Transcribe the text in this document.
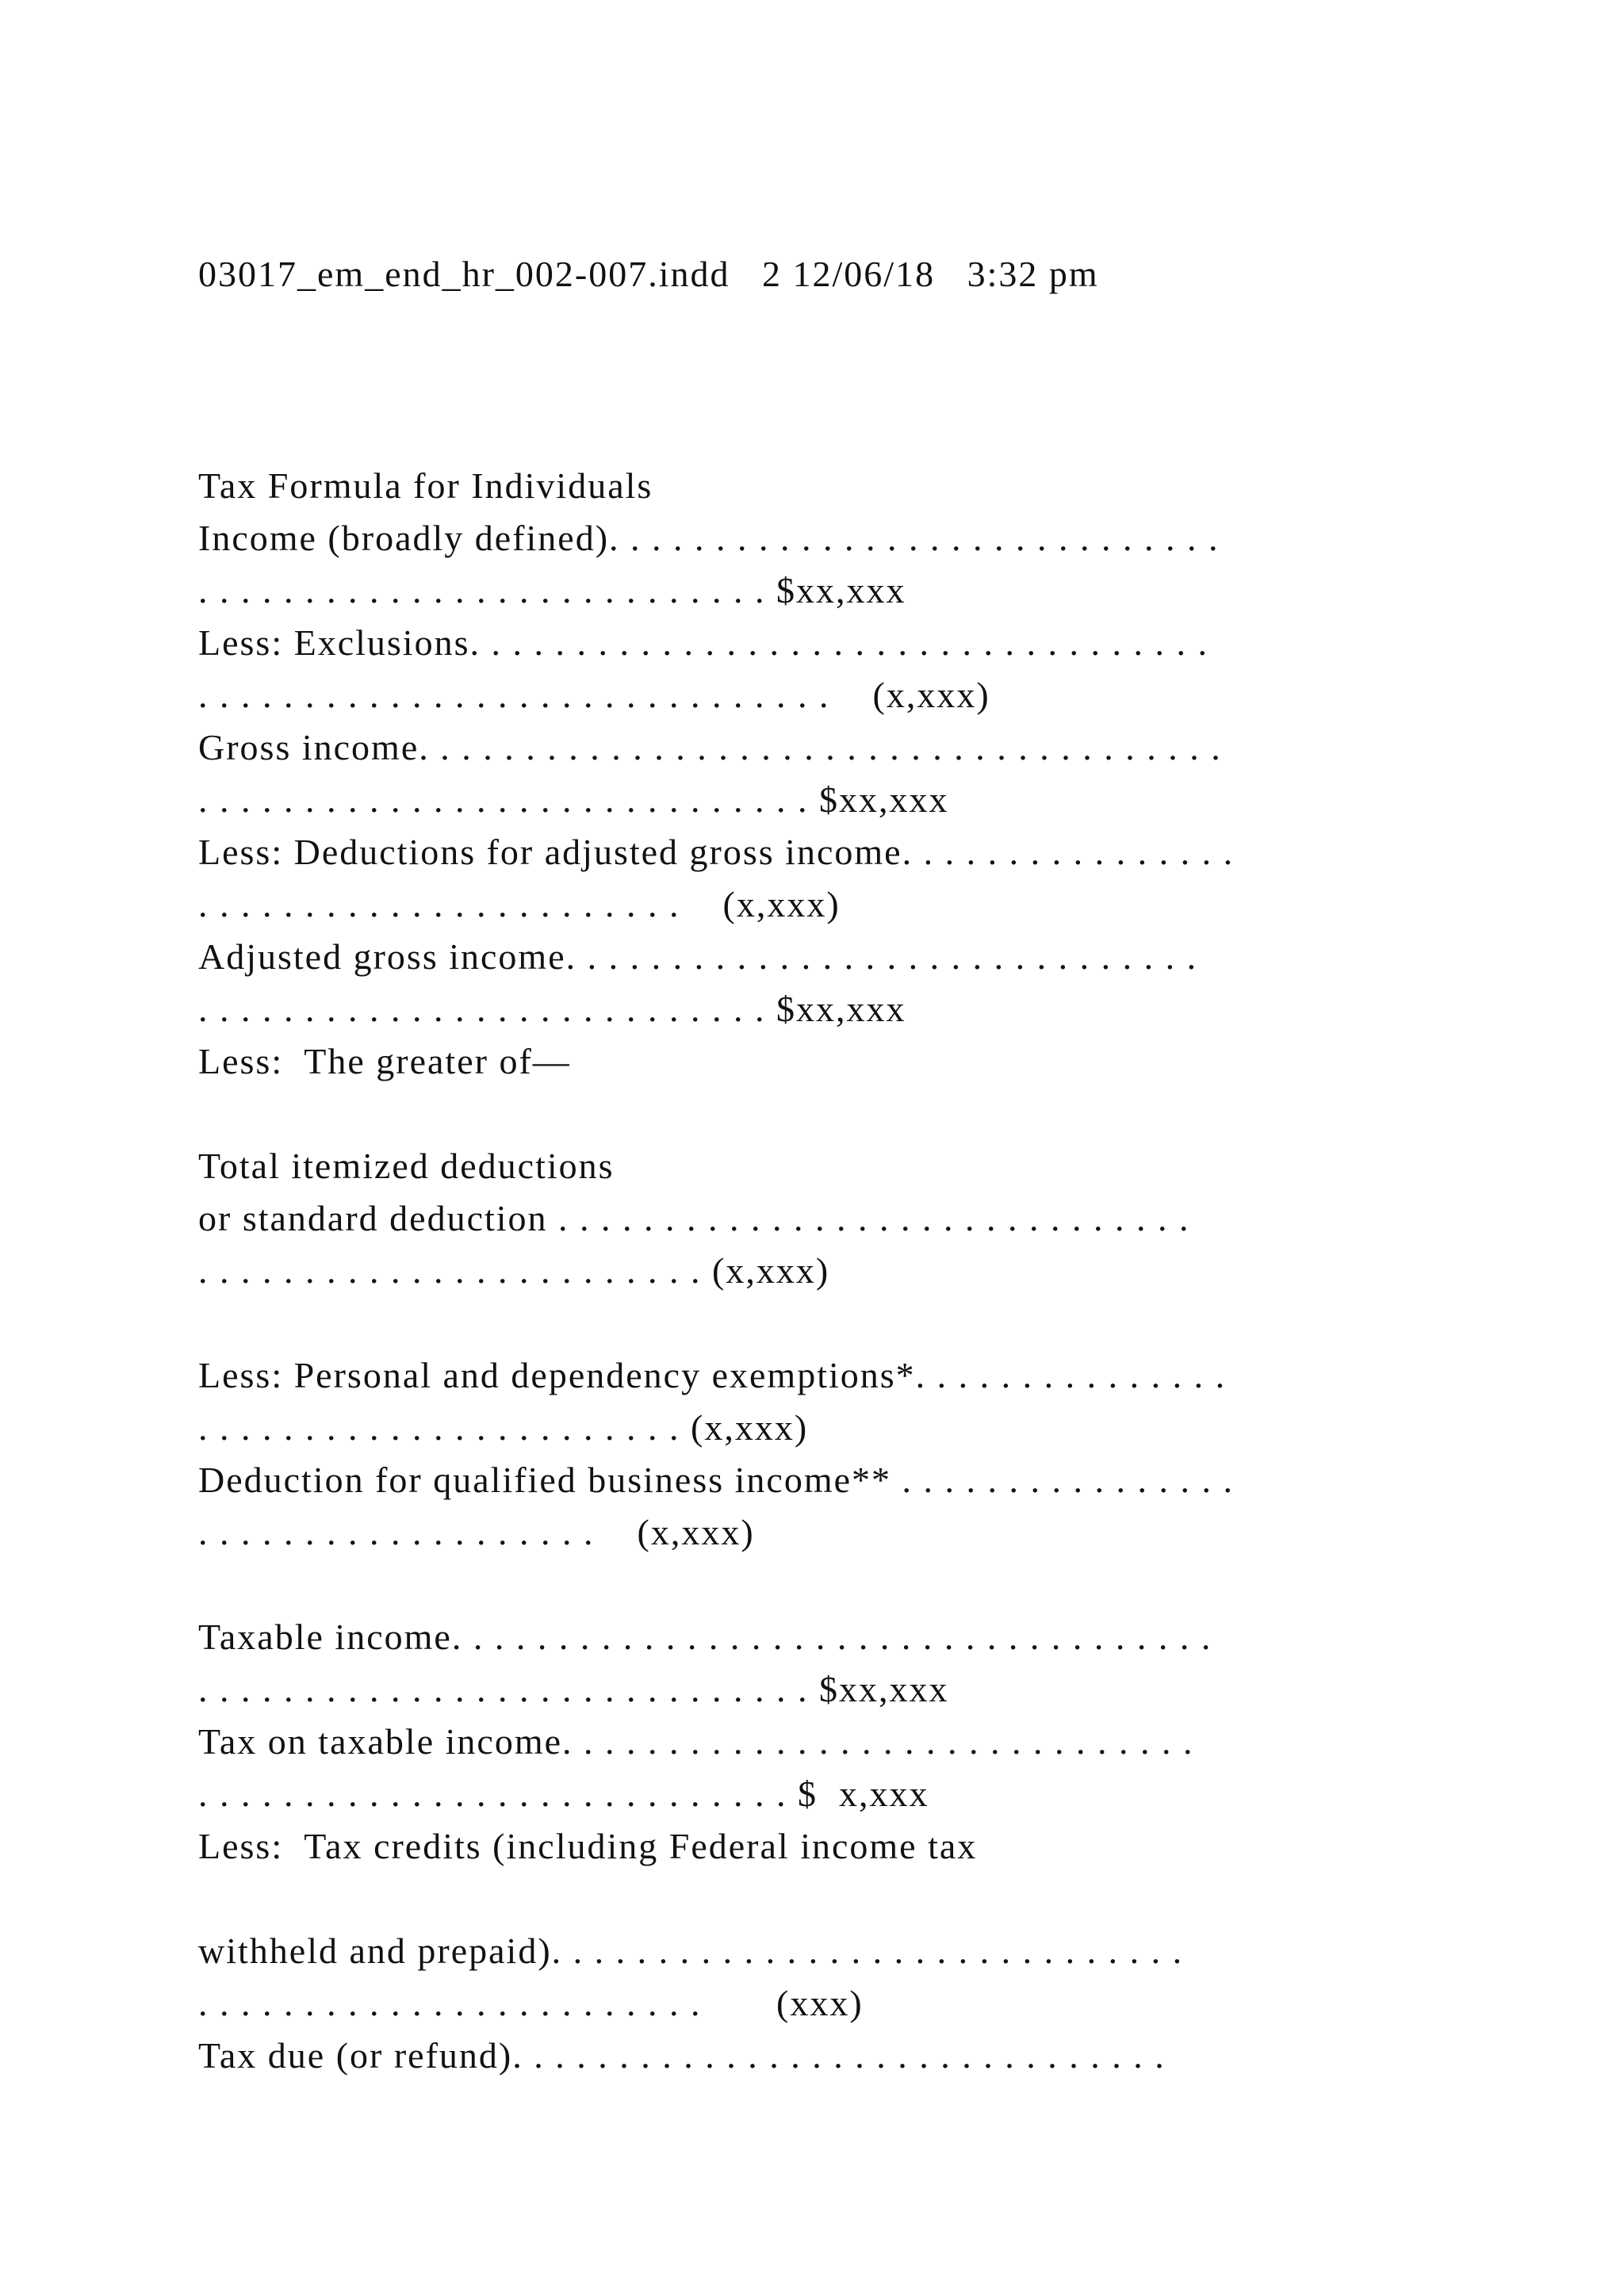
03017_em_end_hr_002-007.indd   2 12/06/18   3:32 pm
Tax Formula for Individuals
Income (broadly defined). . . . . . . . . . . . . . . . . . . . . . . . . . . . .
. . . . . . . . . . . . . . . . . . . . . . . . . . . $xx,xxx
Less: Exclusions. . . . . . . . . . . . . . . . . . . . . . . . . . . . . . . . . . .
. . . . . . . . . . . . . . . . . . . . . . . . . . . . . .    (x,xxx)
Gross income. . . . . . . . . . . . . . . . . . . . . . . . . . . . . . . . . . . . . .
. . . . . . . . . . . . . . . . . . . . . . . . . . . . . $xx,xxx
Less: Deductions for adjusted gross income. . . . . . . . . . . . . . . .
. . . . . . . . . . . . . . . . . . . . . . .    (x,xxx)
Adjusted gross income. . . . . . . . . . . . . . . . . . . . . . . . . . . . . .
. . . . . . . . . . . . . . . . . . . . . . . . . . . $xx,xxx
Less:  The greater of—
Total itemized deductions
or standard deduction . . . . . . . . . . . . . . . . . . . . . . . . . . . . . .
. . . . . . . . . . . . . . . . . . . . . . . . (x,xxx)
Less: Personal and dependency exemptions*. . . . . . . . . . . . . . .
. . . . . . . . . . . . . . . . . . . . . . . (x,xxx)
Deduction for qualified business income** . . . . . . . . . . . . . . . .
. . . . . . . . . . . . . . . . . . .    (x,xxx)
Taxable income. . . . . . . . . . . . . . . . . . . . . . . . . . . . . . . . . . . .
. . . . . . . . . . . . . . . . . . . . . . . . . . . . . $xx,xxx
Tax on taxable income. . . . . . . . . . . . . . . . . . . . . . . . . . . . . .
. . . . . . . . . . . . . . . . . . . . . . . . . . . . $  x,xxx
Less:  Tax credits (including Federal income tax
withheld and prepaid). . . . . . . . . . . . . . . . . . . . . . . . . . . . . .
. . . . . . . . . . . . . . . . . . . . . . . .       (xxx)
Tax due (or refund). . . . . . . . . . . . . . . . . . . . . . . . . . . . . . .
